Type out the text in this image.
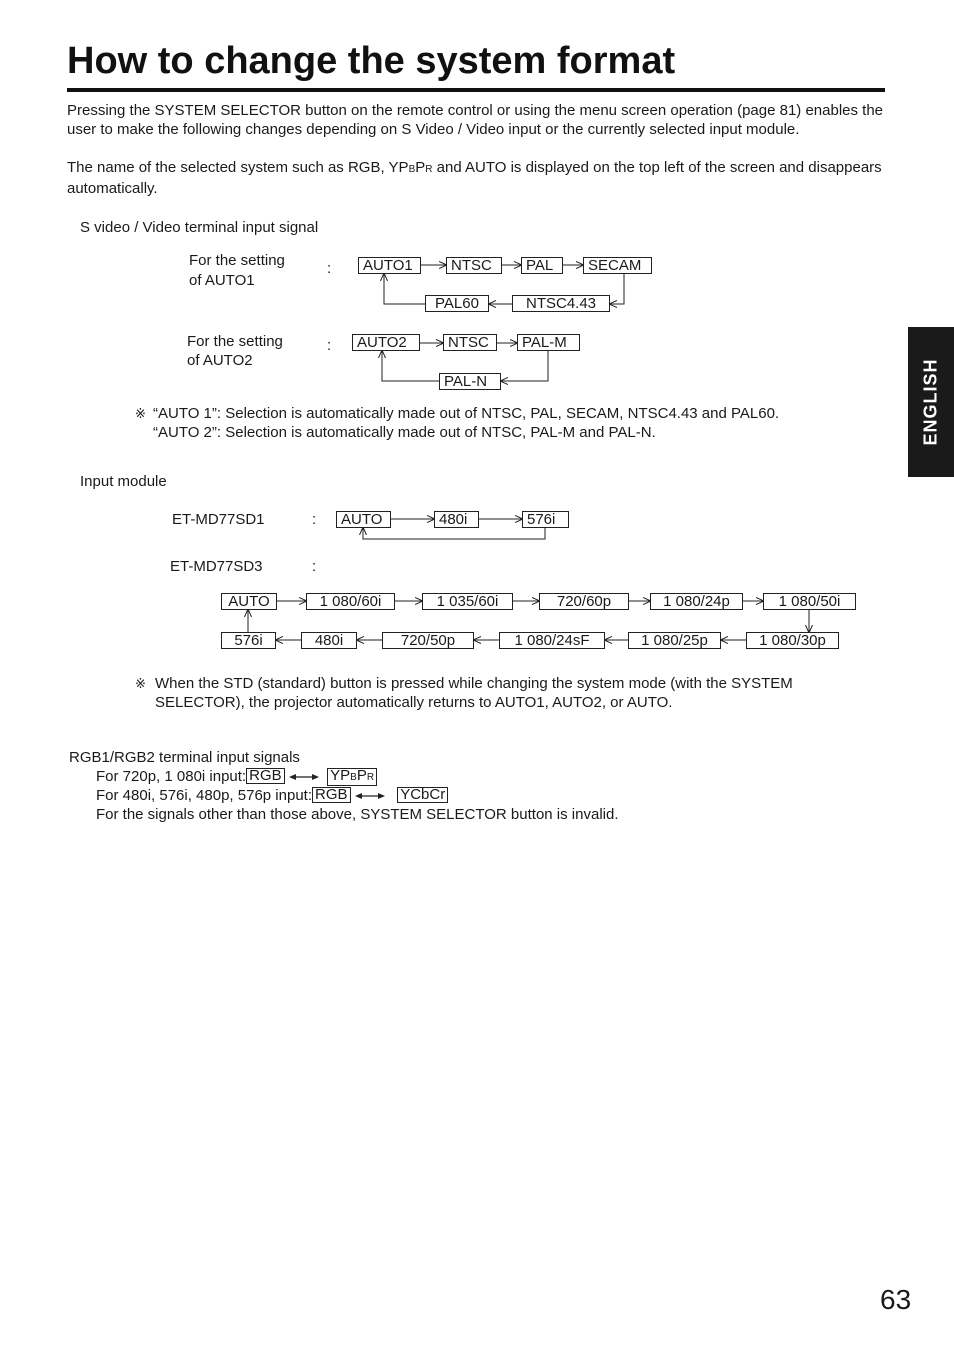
How to change the system format

Pressing the SYSTEM SELECTOR button on the remote control or using the menu screen operation (page 81) enables the user to make the following changes depending on S Video / Video input or the currently selected input module.

The name of the selected system such as RGB, YPBPR and AUTO is displayed on the top left of the screen and disappears automatically.

S video / Video terminal input signal
For the setting
of AUTO1
:	AUTO1	NTSC	PAL	SECAM
PAL60	NTSC4.43
For the setting
of AUTO2
:	AUTO2	NTSC	PAL-M
PAL-N
※ “AUTO 1”: Selection is automatically made out of NTSC, PAL, SECAM, NTSC4.43 and PAL60.
“AUTO 2”: Selection is automatically made out of NTSC, PAL-M and PAL-N.
Input module
ET-MD77SD1	:	AUTO	480i	576i
ET-MD77SD3	:
AUTO	1 080/60i	1 035/60i	720/60p	1 080/24p	1 080/50i
576i	480i	720/50p	1 080/24sF	1 080/25p	1 080/30p
※ When the STD (standard) button is pressed while changing the system mode (with the SYSTEM
SELECTOR), the projector automatically returns to AUTO1, AUTO2, or AUTO.
RGB1/RGB2 terminal input signals
For 720p, 1 080i input: RGB	YPBPR
For 480i, 576i, 480p, 576p input: RGB	YCbCr
For the signals other than those above, SYSTEM SELECTOR button is invalid.
ENGLISH
63
